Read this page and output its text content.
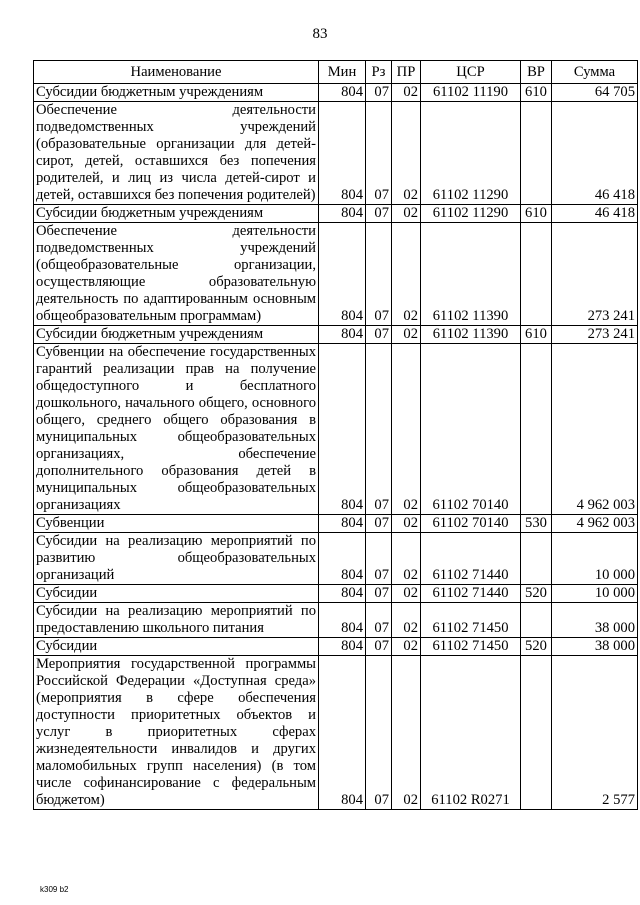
83
Наименование	Мин	Рз	ПР	ЦСР	ВР	Сумма
Субсидии бюджетным учреждениям	804	07	02	61102 11190	610	64 705
Обеспечение деятельности подведомственных учреждений (образовательные организации для детей-сирот, детей, оставшихся без попечения родителей, и лиц из числа детей-сирот и детей, оставшихся без попечения родителей)	804	07	02	61102 11290		46 418
Субсидии бюджетным учреждениям	804	07	02	61102 11290	610	46 418
Обеспечение деятельности подведомственных учреждений (общеобразовательные организации, осуществляющие образовательную деятельность по адаптированным основным общеобразовательным программам)	804	07	02	61102 11390		273 241
Субсидии бюджетным учреждениям	804	07	02	61102 11390	610	273 241
Субвенции на обеспечение государственных гарантий реализации прав на получение общедоступного и бесплатного дошкольного, начального общего, основного общего, среднего общего образования в муниципальных общеобразовательных организациях, обеспечение дополнительного образования детей в муниципальных общеобразовательных организациях	804	07	02	61102 70140		4 962 003
Субвенции	804	07	02	61102 70140	530	4 962 003
Субсидии на реализацию мероприятий по развитию общеобразовательных организаций	804	07	02	61102 71440		10 000
Субсидии	804	07	02	61102 71440	520	10 000
Субсидии на реализацию мероприятий по предоставлению школьного питания	804	07	02	61102 71450		38 000
Субсидии	804	07	02	61102 71450	520	38 000
Мероприятия государственной программы Российской Федерации «Доступная среда» (мероприятия в сфере обеспечения доступности приоритетных объектов и услуг в приоритетных сферах жизнедеятельности инвалидов и других маломобильных групп населения) (в том числе софинансирование с федеральным бюджетом)	804	07	02	61102 R0271		2 577
k309 b2
